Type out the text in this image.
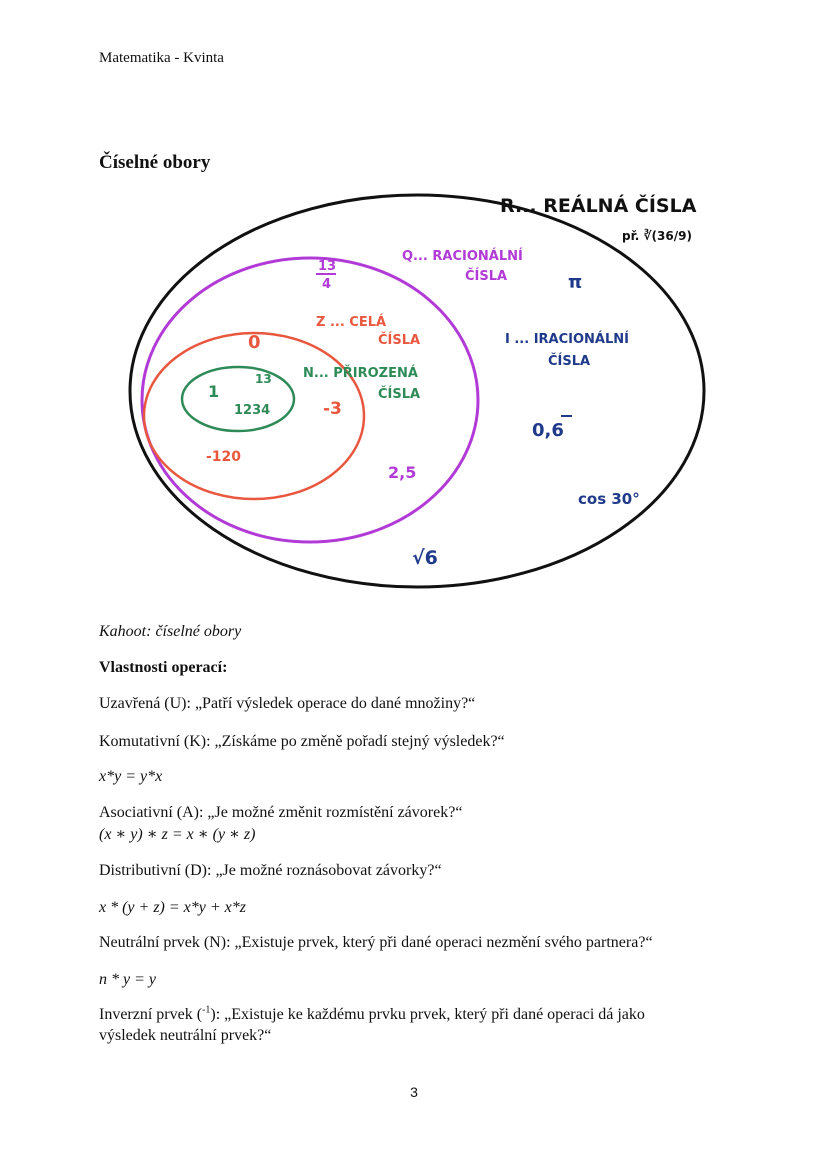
Matematika - Kvinta
Číselné obory
R... REÁLNÁ ČÍSLA
př. ∛(36/9)
Q... RACIONÁLNÍ
ČÍSLA
Z ... CELÁ
ČÍSLA
N... PŘIROZENÁ
ČÍSLA
I ... IRACIONÁLNÍ
ČÍSLA
13
4	π
0
1
13
1234	-3
-120
2,5
0,6
cos 30°
√6
Kahoot: číselné obory
Vlastnosti operací:
Uzavřená (U): „Patří výsledek operace do dané množiny?“
Komutativní (K): „Získáme po změně pořadí stejný výsledek?“
x*y = y*x
Asociativní (A): „Je možné změnit rozmístění závorek?“
(x ∗ y) ∗ z = x ∗ (y ∗ z)
Distributivní (D): „Je možné roznásobovat závorky?“
x * (y + z) = x*y + x*z
Neutrální prvek (N): „Existuje prvek, který při dané operaci nezmění svého partnera?“
n * y = y
Inverzní prvek ($^{-1}$): „Existuje ke každému prvku prvek, který při dané operaci dá jako
výsledek neutrální prvek?“
3
